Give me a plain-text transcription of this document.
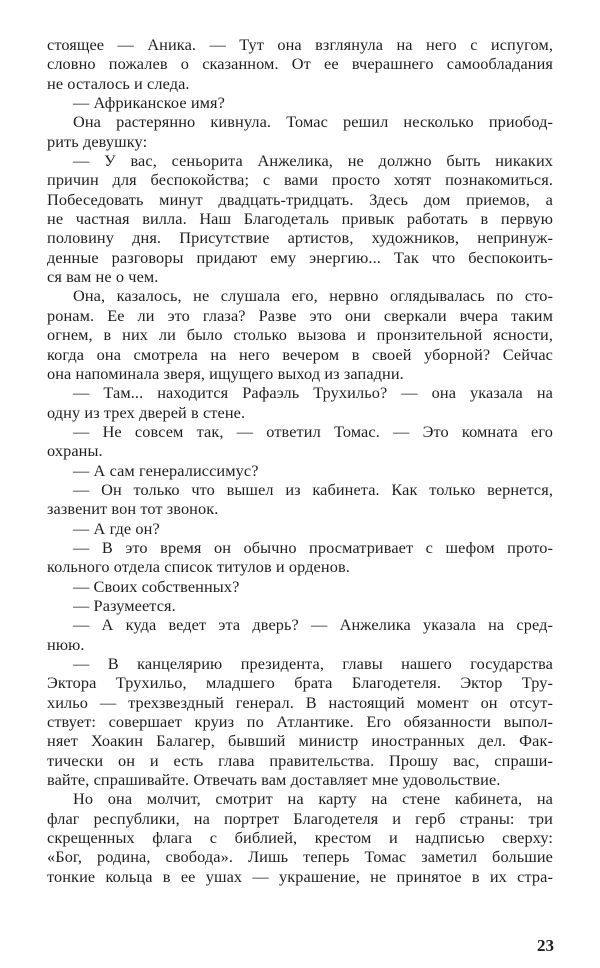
стоящее — Аника. — Тут она взглянула на него с испугом,
словно пожалев о сказанном. От ее вчерашнего самообладания
не осталось и следа.
— Африканское имя?
Она растерянно кивнула. Томас решил несколько приобод-
рить девушку:
— У вас, сеньорита Анжелика, не должно быть никаких
причин для беспокойства; с вами просто хотят познакомиться.
Побеседовать минут двадцать-тридцать. Здесь дом приемов, а
не частная вилла. Наш Благодеталь привык работать в первую
половину дня. Присутствие артистов, художников, непринуж-
денные разговоры придают ему энергию... Так что беспокоить-
ся вам не о чем.
Она, казалось, не слушала его, нервно оглядывалась по сто-
ронам. Ее ли это глаза? Разве это они сверкали вчера таким
огнем, в них ли было столько вызова и пронзительной ясности,
когда она смотрела на него вечером в своей уборной? Сейчас
она напоминала зверя, ищущего выход из западни.
— Там... находится Рафаэль Трухильо? — она указала на
одну из трех дверей в стене.
— Не совсем так, — ответил Томас. — Это комната его
охраны.
— А сам генералиссимус?
— Он только что вышел из кабинета. Как только вернется,
зазвенит вон тот звонок.
— А где он?
— В это время он обычно просматривает с шефом прото-
кольного отдела список титулов и орденов.
— Своих собственных?
— Разумеется.
— А куда ведет эта дверь? — Анжелика указала на сред-
нюю.
— В канцелярию президента, главы нашего государства
Эктора Трухильо, младшего брата Благодетеля. Эктор Тру-
хильо — трехзвездный генерал. В настоящий момент он отсут-
ствует: совершает круиз по Атлантике. Его обязанности выпол-
няет Хоакин Балагер, бывший министр иностранных дел. Фак-
тически он и есть глава правительства. Прошу вас, спраши-
вайте, спрашивайте. Отвечать вам доставляет мне удовольствие.
Но она молчит, смотрит на карту на стене кабинета, на
флаг республики, на портрет Благодетеля и герб страны: три
скрещенных флага с библией, крестом и надписью сверху:
«Бог, родина, свобода». Лишь теперь Томас заметил большие
тонкие кольца в ее ушах — украшение, не принятое в их стра-
23
